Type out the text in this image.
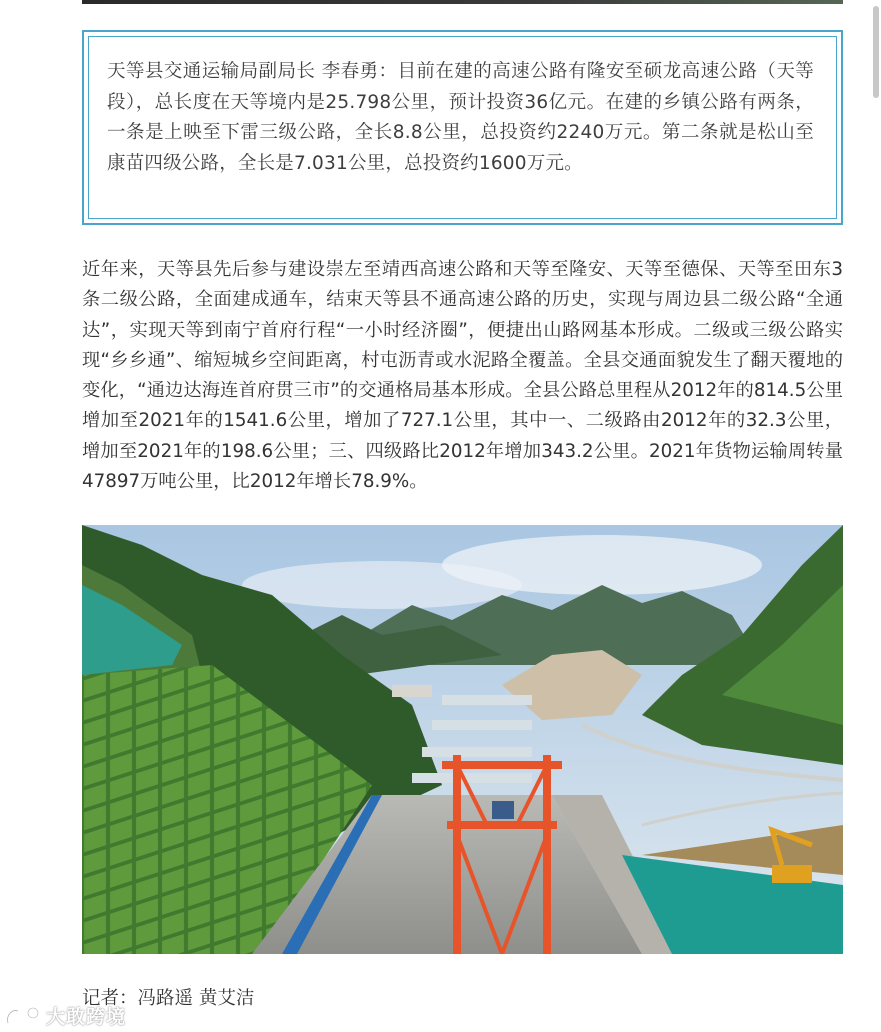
天等县交通运输局副局长 李春勇：目前在建的高速公路有隆安至硕龙高速公路（天等段），总长度在天等境内是25.798公里，预计投资36亿元。在建的乡镇公路有两条，一条是上映至下雷三级公路，全长8.8公里，总投资约2240万元。第二条就是松山至康苗四级公路，全长是7.031公里，总投资约1600万元。

近年来，天等县先后参与建设崇左至靖西高速公路和天等至隆安、天等至德保、天等至田东3条二级公路，全面建成通车，结束天等县不通高速公路的历史，实现与周边县二级公路“全通达”，实现天等到南宁首府行程“一小时经济圈”，便捷出山路网基本形成。二级或三级公路实现“乡乡通”、缩短城乡空间距离，村屯沥青或水泥路全覆盖。全县交通面貌发生了翻天覆地的变化，“通边达海连首府贯三市”的交通格局基本形成。全县公路总里程从2012年的814.5公里增加至2021年的1541.6公里，增加了727.1公里，其中一、二级路由2012年的32.3公里，增加至2021年的198.6公里；三、四级路比2012年增加343.2公里。2021年货物运输周转量47897万吨公里，比2012年增长78.9%。

记者：冯路遥 黄艾洁
大敢跨境
